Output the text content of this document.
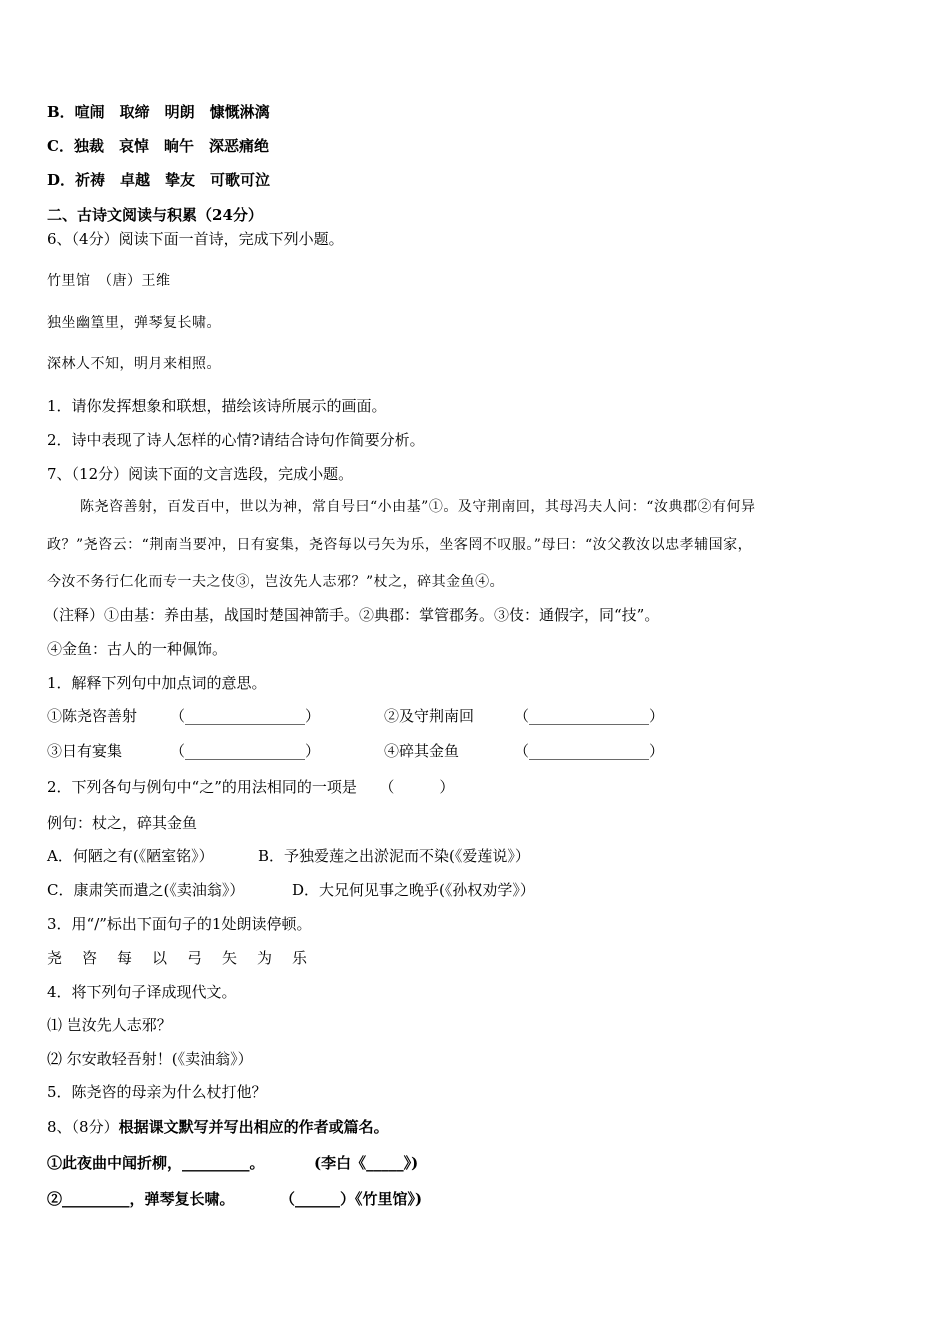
B．喧闹　取缔　明朗　慷慨淋漓
C．独裁　哀悼　晌午　深恶痛绝
D．祈祷　卓越　挚友　可歌可泣
二、古诗文阅读与积累（24分）
6、（4分）阅读下面一首诗，完成下列小题。
竹里馆　（唐）王维
独坐幽篁里，弹琴复长啸。
深林人不知，明月来相照。
1．请你发挥想象和联想，描绘该诗所展示的画面。
2．诗中表现了诗人怎样的心情?请结合诗句作简要分析。
7、（12分）阅读下面的文言选段，完成小题。
陈尧咨善射，百发百中，世以为神，常自号曰“小由基”①。及守荆南回，其母冯夫人问：“汝典郡②有何异
政？”尧咨云：“荆南当要冲，日有宴集，尧咨每以弓矢为乐，坐客罔不叹服。”母曰：“汝父教汝以忠孝辅国家，
今汝不务行仁化而专一夫之伎③，岂汝先人志邪？”杖之，碎其金鱼④。
（注释）①由基：养由基，战国时楚国神箭手。②典郡：掌管郡务。③伎：通假字，同“技”。
④金鱼：古人的一种佩饰。
1．解释下列句中加点词的意思。
①陈尧咨善射 （________________）	②及守荆南回	（________________）
③日有宴集	（________________）	④碎其金鱼	（________________）
2．下列各句与例句中“之”的用法相同的一项是　　（　　　）
例句：杖之，碎其金鱼
A．何陋之有(《陋室铭》）	B．予独爱莲之出淤泥而不染(《爱莲说》）
C．康肃笑而遣之(《卖油翁》）	D．大兄何见事之晚乎(《孙权劝学》）
3．用“/”标出下面句子的1处朗读停顿。
尧 咨 每 以 弓 矢 为 乐
4．将下列句子译成现代文。
⑴ 岂汝先人志邪？
⑵ 尔安敢轻吾射！(《卖油翁》）
5．陈尧咨的母亲为什么杖打他？
8、（8分）根据课文默写并写出相应的作者或篇名。
①此夜曲中闻折柳，_________。	(李白《_____》)
②_________，弹琴复长啸。	（______）《竹里馆》)
